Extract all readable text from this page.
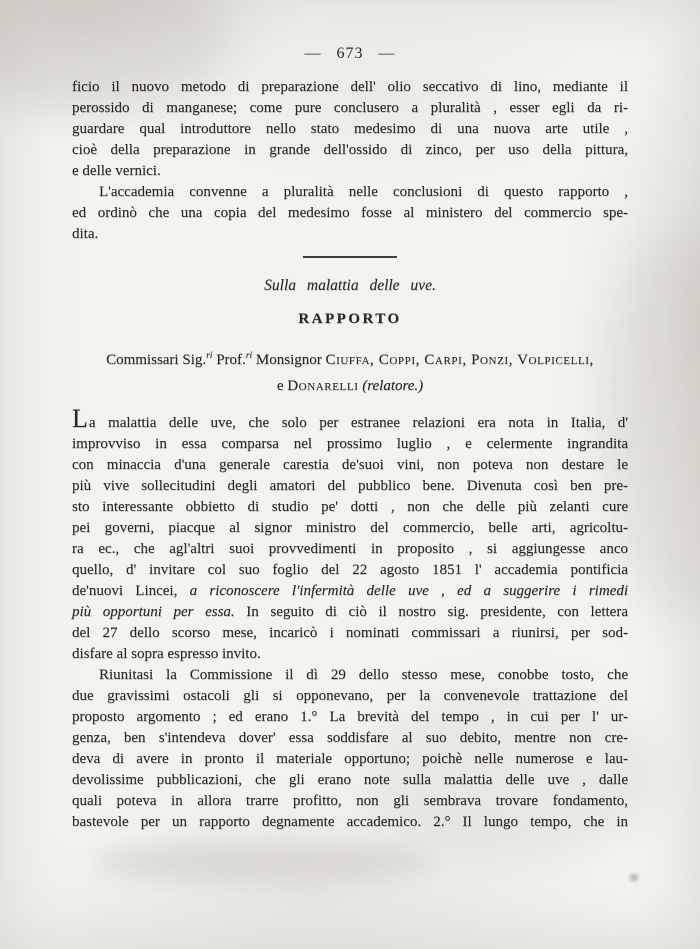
— 673 —
ficio il nuovo metodo di preparazione dell' olio seccativo di lino, mediante il
perossido di manganese; come pure conclusero a pluralità , esser egli da ri-
guardare qual introduttore nello stato medesimo di una nuova arte utile ,
cioè della preparazione in grande dell'ossido di zinco, per uso della pittura,
e delle vernici.
L'accademia convenne a pluralità nelle conclusioni di questo rapporto ,
ed ordinò che una copia del medesimo fosse al ministero del commercio spe-
dita.
Sulla malattia delle uve.
RAPPORTO
Commissari Sig.$^{ri}$ Prof.$^{ri}$ Monsignor Ciuffa, Coppi, Carpi, Ponzi, Volpicelli,
e Donarelli (relatore.)
La malattia delle uve, che solo per estranee relazioni era nota in Italia, d'
improvviso in essa comparsa nel prossimo luglio , e celermente ingrandita
con minaccia d'una generale carestia de'suoi vini, non poteva non destare le
più vive sollecitudini degli amatori del pubblico bene. Divenuta così ben pre-
sto interessante obbietto di studio pe' dotti , non che delle più zelanti cure
pei governi, piacque al signor ministro del commercio, belle arti, agricoltu-
ra ec., che agl'altri suoi provvedimenti in proposito , si aggiungesse anco
quello, d' invitare col suo foglio del 22 agosto 1851 l' accademia pontificia
de'nuovi Lincei, a riconoscere l'infermità delle uve , ed a suggerire i rimedi
più opportuni per essa. In seguito di ciò il nostro sig. presidente, con lettera
del 27 dello scorso mese, incaricò i nominati commissari a riunirsi, per sod-
disfare al sopra espresso invito.
Riunitasi la Commissione il dì 29 dello stesso mese, conobbe tosto, che
due gravissimi ostacoli gli si opponevano, per la convenevole trattazione del
proposto argomento ; ed erano 1.° La brevità del tempo , in cui per l' ur-
genza, ben s'intendeva dover' essa soddisfare al suo debito, mentre non cre-
deva di avere in pronto il materiale opportuno; poichè nelle numerose e lau-
devolissime pubblicazioni, che gli erano note sulla malattia delle uve , dalle
quali poteva in allora trarre profitto, non gli sembrava trovare fondamento,
bastevole per un rapporto degnamente accademico. 2.° Il lungo tempo, che in
